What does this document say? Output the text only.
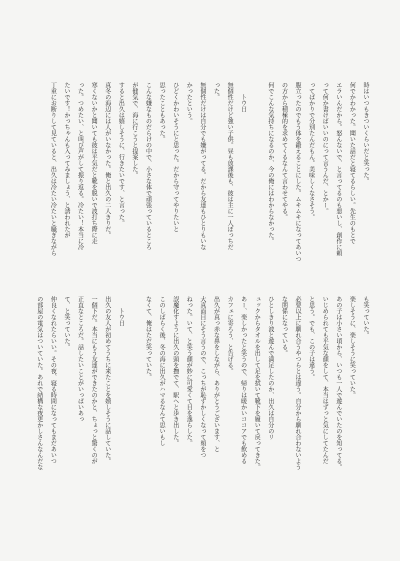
時はいつもきついくらいだと笑った。
何でかわかった。聞いた話だと寝てるらしい。先生のもとで
エラいんだから。怒んないで、と言ってるのも悪いし、創作に頼
って何か書けばいいのにって言うんだ、とかー。
ってばかりで分別たんだもん。美味しくなさそう。
腹立ったのでもう体を鍛えることにした。ムキムキになってあいつ
の方から積極的を求めてくるなんて言わせてやる。
何でこんな気持ちになるのか、今の俺にはわからなかった。
トウ日
無個性だけど強い子供。昼も放課後も、彼は主に一人ぼっちだ
った。
無個性だけは自分でも嫌がってる。だから友達もひとりもいな
かったという。
ひどくかわいそうにと思った。だから守ってやりたいと
思ったこともあった。
こんな嫌なものだらけの中で、小さな体で頑張っているところ
が健気で、海に行こうと提案した。
すると出久は嬉しそうに、行きたいです、と言った。
真冬の海辺には人がいなかった。俺と出久の二人きりだ。
寒くないかと聞いても彼は平気だと靴を脱いで波打ち際に走
った。つめたい、と叫び声がして振り返る。冷たい！本当に冷
たいです！かっちゃんも入ってみましょう、と誘われたが
丁重にお断りして見ていると、出久は冷たい冷たいと騒ぎながら
も笑っていた。
楽しそうに、楽しそうに笑っていた。
あの子は小さい頃から、いつも一人で遊んでいたのを知ってる。
いじめられても平気な顔をして、本当はずっと気にしてたんだ
と思う。でも、この子は違う。
必要以上に馴れ合うやつらとは違う。自分から馴れ合わないよう
な関係になっている。
ひとしきり波と遊んで満足したのか、出久は自分のリ
ュックからタオルを出して足を拭いて靴下を履いて戻ってきた。
あー、楽しかったと笑うので、帰りは暖かいココアでも飲める
カフェに寄ろう、と告げる。
出久が真っ赤な鼻をしながら、ありがとうございます、と
大真面目にそう言うので、こっちが恥ずかしくなって頬をつ
ねった。いて、と笑う顔が妙に可愛くて目を逸らした。
誤魔化すように出久の頭を撫でて、駅へと歩き出した。
このしばらく後、冬の海に出久がハマるなんて思いもし
なくて、俺はただ笑っていた。
トウ日
出久の友人が初めてうちに来たことを嬉しそうに話していた。
一個下だ。本当にもう友達ができたのかと、ちょっと驚くのが
正直なところだ。話したいことがいっぱいあっ
て、と笑っていた。
仲良くなれたらいい。その夜、寝る時間になってもまだあいつ
の部屋の電気はついていた。あれで結構な夜更かしさんなんだな
